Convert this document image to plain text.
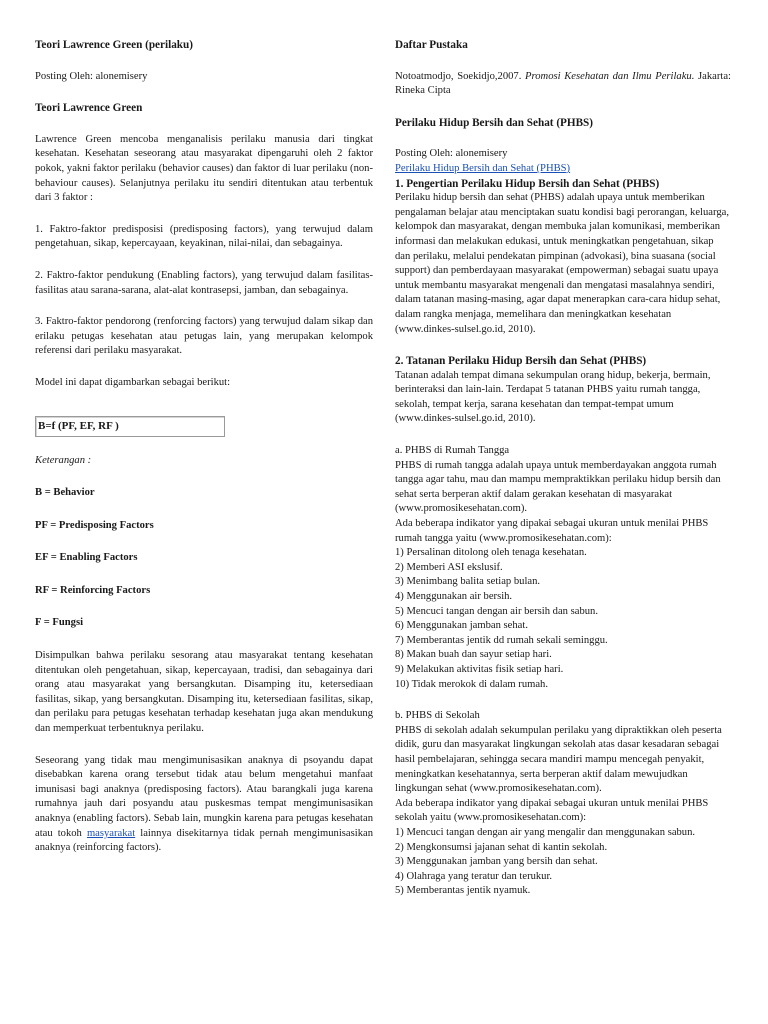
Teori Lawrence Green (perilaku)

Posting Oleh: alonemisery

Teori Lawrence Green

Lawrence Green mencoba menganalisis perilaku manusia dari tingkat kesehatan. Kesehatan seseorang atau masyarakat dipengaruhi oleh 2 faktor pokok, yakni faktor perilaku (behavior causes) dan faktor di luar perilaku (non-behaviour causes). Selanjutnya perilaku itu sendiri ditentukan atau terbentuk dari 3 faktor :

1. Faktro-faktor predisposisi (predisposing factors), yang terwujud dalam pengetahuan, sikap, kepercayaan, keyakinan, nilai-nilai, dan sebagainya.

2. Faktro-faktor pendukung (Enabling factors), yang terwujud dalam fasilitas-fasilitas atau sarana-sarana, alat-alat kontrasepsi, jamban, dan sebagainya.

3. Faktro-faktor pendorong (renforcing factors) yang terwujud dalam sikap dan erilaku petugas kesehatan atau petugas lain, yang merupakan kelompok referensi dari perilaku masyarakat.

Model ini dapat digambarkan sebagai berikut:

B=f (PF, EF, RF )

Keterangan :

B = Behavior

PF = Predisposing Factors

EF = Enabling Factors

RF = Reinforcing Factors

F = Fungsi

Disimpulkan bahwa perilaku sesorang atau masyarakat tentang kesehatan ditentukan oleh pengetahuan, sikap, kepercayaan, tradisi, dan sebagainya dari orang atau masyarakat yang bersangkutan. Disamping itu, ketersediaan fasilitas, sikap, yang bersangkutan. Disamping itu, ketersediaan fasilitas, sikap, dan perilaku para petugas kesehatan terhadap kesehatan juga akan mendukung dan memperkuat terbentuknya perilaku.

Seseorang yang tidak mau mengimunisasikan anaknya di psoyandu dapat disebabkan karena orang tersebut tidak atau belum mengetahui manfaat imunisasi bagi anaknya (predisposing factors). Atau barangkali juga karena rumahnya jauh dari posyandu atau puskesmas tempat mengimunisasikan anaknya (enabling factors). Sebab lain, mungkin karena para petugas kesehatan atau tokoh masyarakat lainnya disekitarnya tidak pernah mengimunisasikan anaknya (reinforcing factors).

Daftar Pustaka

Notoatmodjo, Soekidjo,2007. Promosi Kesehatan dan Ilmu Perilaku. Jakarta: Rineka Cipta

Perilaku Hidup Bersih dan Sehat (PHBS)

Posting Oleh: alonemisery

Perilaku Hidup Bersih dan Sehat (PHBS)

1. Pengertian Perilaku Hidup Bersih dan Sehat (PHBS)

Perilaku hidup bersih dan sehat (PHBS) adalah upaya untuk memberikan pengalaman belajar atau menciptakan suatu kondisi bagi perorangan, keluarga, kelompok dan masyarakat, dengan membuka jalan komunikasi, memberikan informasi dan melakukan edukasi, untuk meningkatkan pengetahuan, sikap dan perilaku, melalui pendekatan pimpinan (advokasi), bina suasana (social support) dan pemberdayaan masyarakat (empowerman) sebagai suatu upaya untuk membantu masyarakat mengenali dan mengatasi masalahnya sendiri, dalam tatanan masing-masing, agar dapat menerapkan cara-cara hidup sehat, dalam rangka menjaga, memelihara dan meningkatkan kesehatan (www.dinkes-sulsel.go.id, 2010).

2. Tatanan Perilaku Hidup Bersih dan Sehat (PHBS)

Tatanan adalah tempat dimana sekumpulan orang hidup, bekerja, bermain, berinteraksi dan lain-lain. Terdapat 5 tatanan PHBS yaitu rumah tangga, sekolah, tempat kerja, sarana kesehatan dan tempat-tempat umum (www.dinkes-sulsel.go.id, 2010).

a. PHBS di Rumah Tangga

PHBS di rumah tangga adalah upaya untuk memberdayakan anggota rumah tangga agar tahu, mau dan mampu mempraktikkan perilaku hidup bersih dan sehat serta berperan aktif dalam gerakan kesehatan di masyarakat (www.promosikesehatan.com).

Ada beberapa indikator yang dipakai sebagai ukuran untuk menilai PHBS rumah tangga yaitu (www.promosikesehatan.com):

1) Persalinan ditolong oleh tenaga kesehatan.

2) Memberi ASI ekslusif.

3) Menimbang balita setiap bulan.

4) Menggunakan air bersih.

5) Mencuci tangan dengan air bersih dan sabun.

6) Menggunakan jamban sehat.

7) Memberantas jentik dd rumah sekali seminggu.

8) Makan buah dan sayur setiap hari.

9) Melakukan aktivitas fisik setiap hari.

10) Tidak merokok di dalam rumah.

b. PHBS di Sekolah

PHBS di sekolah adalah sekumpulan perilaku yang dipraktikkan oleh peserta didik, guru dan masyarakat lingkungan sekolah atas dasar kesadaran sebagai hasil pembelajaran, sehingga secara mandiri mampu mencegah penyakit, meningkatkan kesehatannya, serta berperan aktif dalam mewujudkan lingkungan sehat (www.promosikesehatan.com).

Ada beberapa indikator yang dipakai sebagai ukuran untuk menilai PHBS sekolah yaitu (www.promosikesehatan.com):

1) Mencuci tangan dengan air yang mengalir dan menggunakan sabun.

2) Mengkonsumsi jajanan sehat di kantin sekolah.

3) Menggunakan jamban yang bersih dan sehat.

4) Olahraga yang teratur dan terukur.

5) Memberantas jentik nyamuk.
